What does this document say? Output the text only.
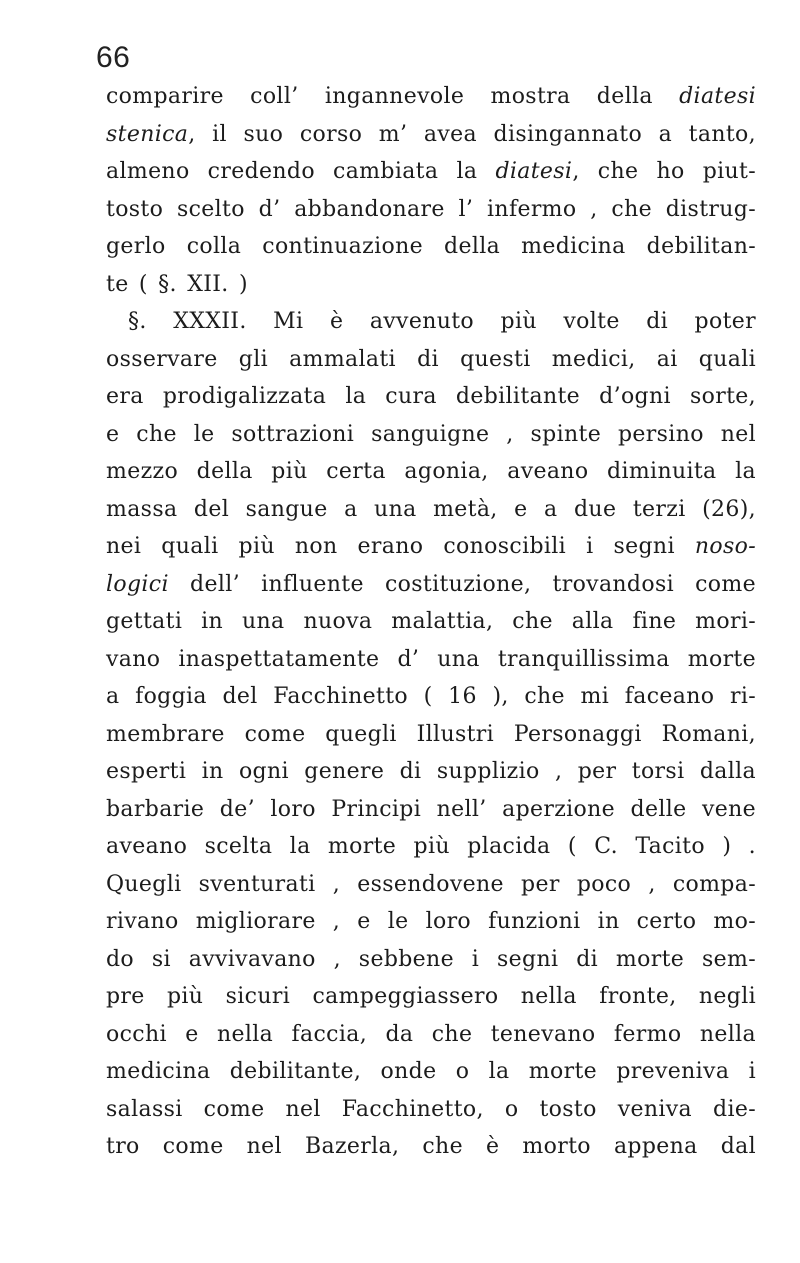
66
comparire coll’ ingannevole mostra della diatesi
stenica, il suo corso m’ avea disingannato a tanto,
almeno credendo cambiata la diatesi, che ho piut-
tosto scelto d’ abbandonare l’ infermo , che distrug-
gerlo colla continuazione della medicina debilitan-
te ( §. XII. )
§. XXXII. Mi è avvenuto più volte di poter
osservare gli ammalati di questi medici, ai quali
era prodigalizzata la cura debilitante d’ogni sorte,
e che le sottrazioni sanguigne , spinte persino nel
mezzo della più certa agonia, aveano diminuita la
massa del sangue a una metà, e a due terzi (26),
nei quali più non erano conoscibili i segni noso-
logici dell’ influente costituzione, trovandosi come
gettati in una nuova malattia, che alla fine mori-
vano inaspettatamente d’ una tranquillissima morte
a foggia del Facchinetto ( 16 ), che mi faceano ri-
membrare come quegli Illustri Personaggi Romani,
esperti in ogni genere di supplizio , per torsi dalla
barbarie de’ loro Principi nell’ aperzione delle vene
aveano scelta la morte più placida ( C. Tacito ) .
Quegli sventurati , essendovene per poco , compa-
rivano migliorare , e le loro funzioni in certo mo-
do si avvivavano , sebbene i segni di morte sem-
pre più sicuri campeggiassero nella fronte, negli
occhi e nella faccia, da che tenevano fermo nella
medicina debilitante, onde o la morte preveniva i
salassi come nel Facchinetto, o tosto veniva die-
tro come nel Bazerla, che è morto appena dal
